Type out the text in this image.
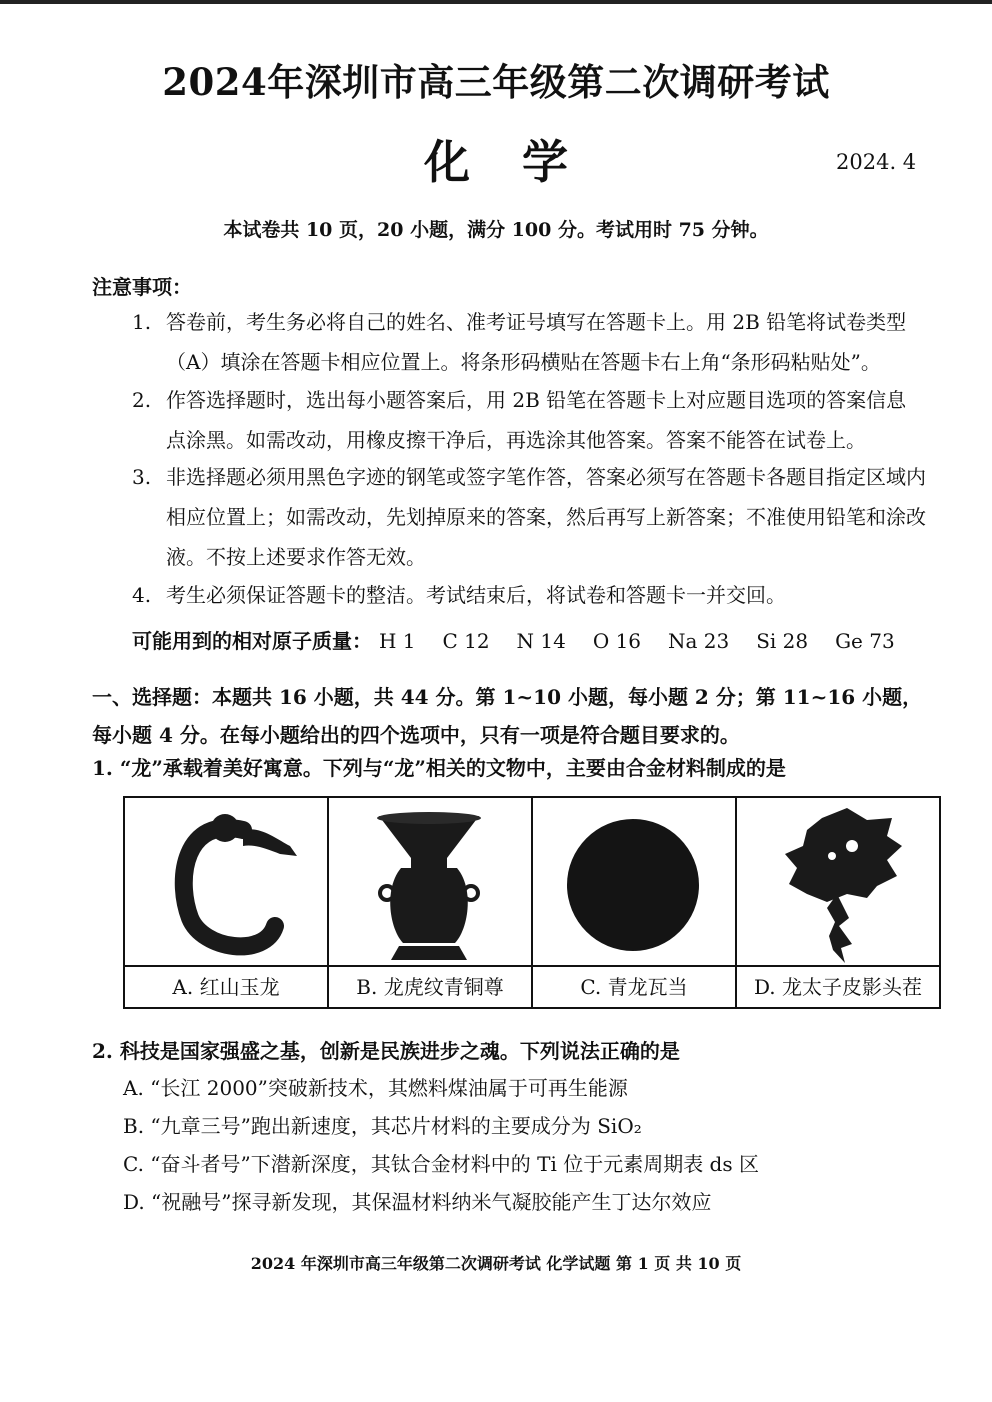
2024年深圳市高三年级第二次调研考试
化学	2024. 4
本试卷共 10 页，20 小题，满分 100 分。考试用时 75 分钟。
注意事项：
1. 答卷前，考生务必将自己的姓名、准考证号填写在答题卡上。用 2B 铅笔将试卷类型（A）填涂在答题卡相应位置上。将条形码横贴在答题卡右上角“条形码粘贴处”。
2. 作答选择题时，选出每小题答案后，用 2B 铅笔在答题卡上对应题目选项的答案信息点涂黑。如需改动，用橡皮擦干净后，再选涂其他答案。答案不能答在试卷上。
3. 非选择题必须用黑色字迹的钢笔或签字笔作答，答案必须写在答题卡各题目指定区域内相应位置上；如需改动，先划掉原来的答案，然后再写上新答案；不准使用铅笔和涂改液。不按上述要求作答无效。
4. 考生必须保证答题卡的整洁。考试结束后，将试卷和答题卡一并交回。
可能用到的相对原子质量： H 1 C 12 N 14 O 16 Na 23 Si 28 Ge 73
一、选择题：本题共 16 小题，共 44 分。第 1~10 小题，每小题 2 分；第 11~16 小题，每小题 4 分。在每小题给出的四个选项中，只有一项是符合题目要求的。
1. “龙”承载着美好寓意。下列与“龙”相关的文物中，主要由合金材料制成的是
A. 红山玉龙	B. 龙虎纹青铜尊	C. 青龙瓦当	D. 龙太子皮影头茬
2. 科技是国家强盛之基，创新是民族进步之魂。下列说法正确的是
A. “长江 2000”突破新技术，其燃料煤油属于可再生能源
B. “九章三号”跑出新速度，其芯片材料的主要成分为 SiO₂
C. “奋斗者号”下潜新深度，其钛合金材料中的 Ti 位于元素周期表 ds 区
D. “祝融号”探寻新发现，其保温材料纳米气凝胶能产生丁达尔效应
2024 年深圳市高三年级第二次调研考试 化学试题 第 1 页 共 10 页
